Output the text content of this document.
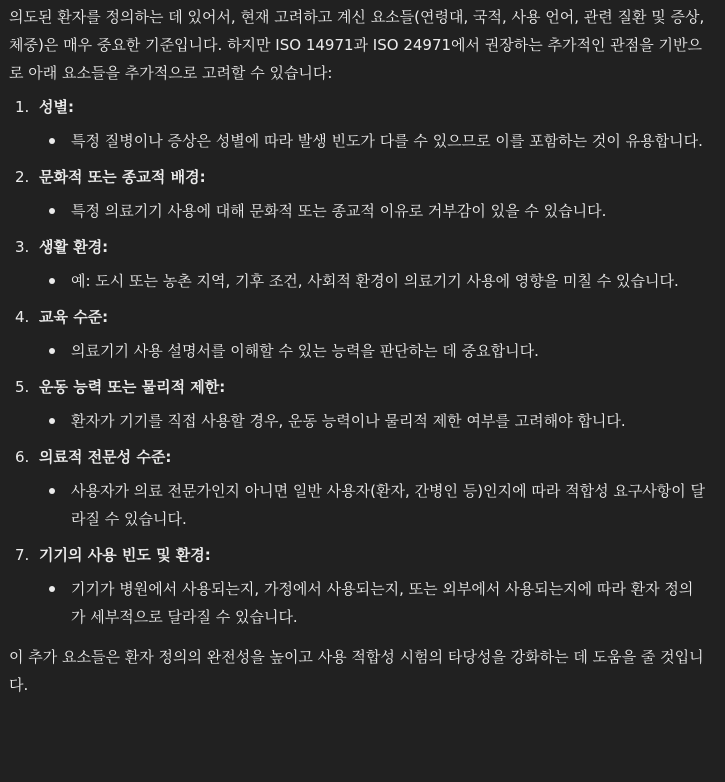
의도된 환자를 정의하는 데 있어서, 현재 고려하고 계신 요소들(연령대, 국적, 사용 언어, 관련 질환 및 증상, 체중)은 매우 중요한 기준입니다. 하지만 ISO 14971과 ISO 24971에서 권장하는 추가적인 관점을 기반으로 아래 요소들을 추가적으로 고려할 수 있습니다:

1. 성별:
특정 질병이나 증상은 성별에 따라 발생 빈도가 다를 수 있으므로 이를 포함하는 것이 유용합니다.
2. 문화적 또는 종교적 배경:
특정 의료기기 사용에 대해 문화적 또는 종교적 이유로 거부감이 있을 수 있습니다.
3. 생활 환경:
예: 도시 또는 농촌 지역, 기후 조건, 사회적 환경이 의료기기 사용에 영향을 미칠 수 있습니다.
4. 교육 수준:
의료기기 사용 설명서를 이해할 수 있는 능력을 판단하는 데 중요합니다.
5. 운동 능력 또는 물리적 제한:
환자가 기기를 직접 사용할 경우, 운동 능력이나 물리적 제한 여부를 고려해야 합니다.
6. 의료적 전문성 수준:
사용자가 의료 전문가인지 아니면 일반 사용자(환자, 간병인 등)인지에 따라 적합성 요구사항이 달라질 수 있습니다.
7. 기기의 사용 빈도 및 환경:
기기가 병원에서 사용되는지, 가정에서 사용되는지, 또는 외부에서 사용되는지에 따라 환자 정의가 세부적으로 달라질 수 있습니다.

이 추가 요소들은 환자 정의의 완전성을 높이고 사용 적합성 시험의 타당성을 강화하는 데 도움을 줄 것입니다.
